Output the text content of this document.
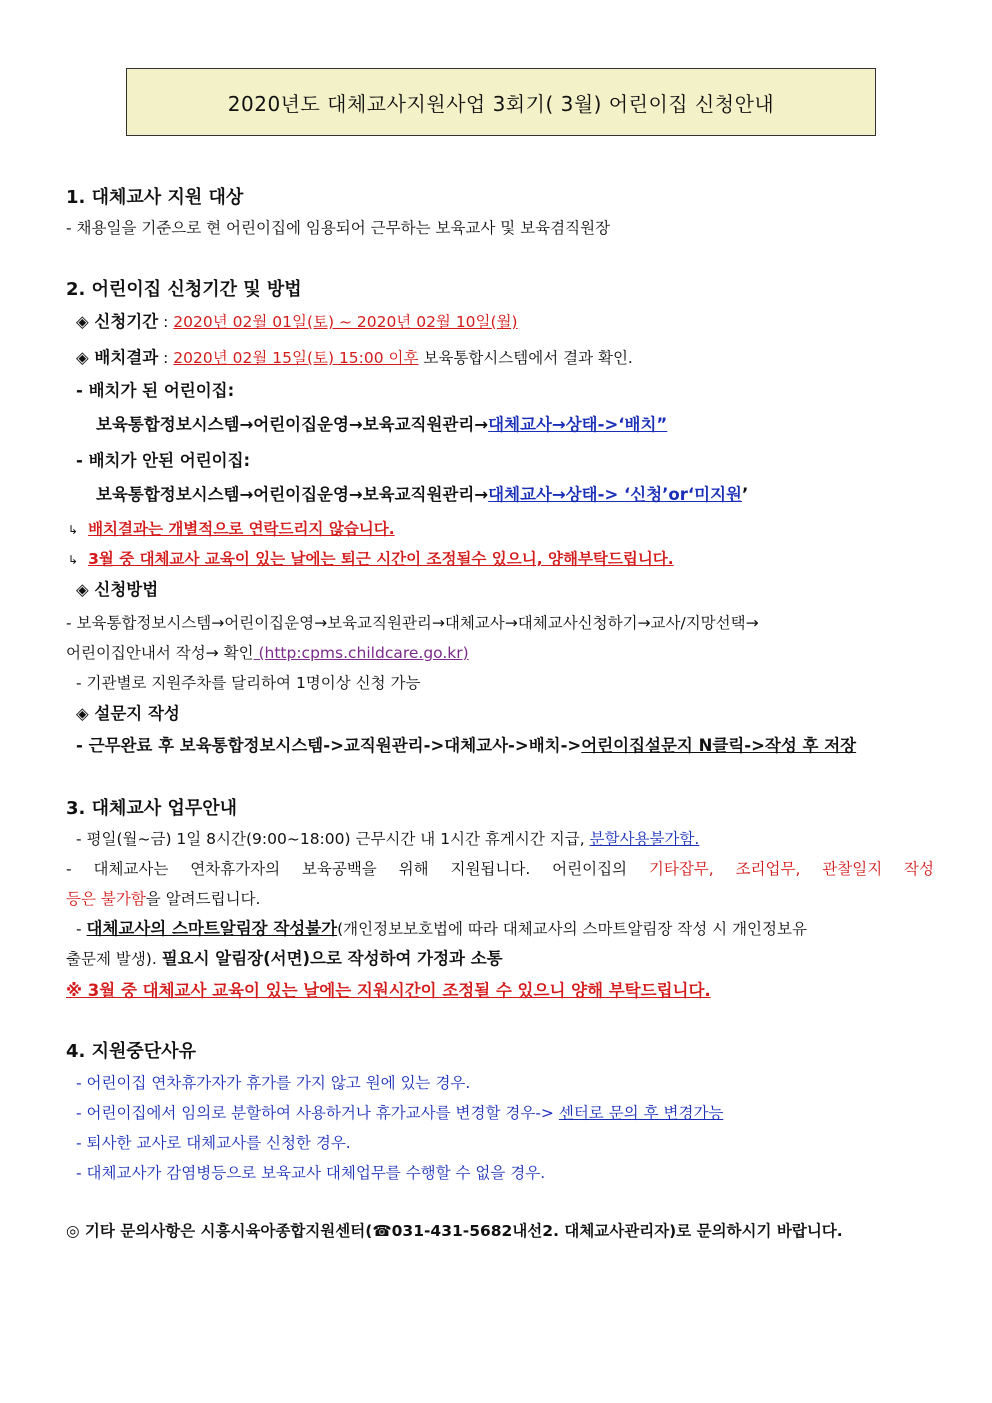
2020년도 대체교사지원사업 3회기( 3월) 어린이집 신청안내
1. 대체교사 지원 대상
- 채용일을 기준으로 현 어린이집에 임용되어 근무하는 보육교사 및 보육겸직원장
2. 어린이집 신청기간 및 방법
◈ 신청기간 : 2020년 02월 01일(토) ~ 2020년 02월 10일(월)
◈ 배치결과 : 2020년 02월 15일(토) 15:00 이후 보육통합시스템에서 결과 확인.
- 배치가 된 어린이집:
보육통합정보시스템→어린이집운영→보육교직원관리→대체교사→상태->‘배치”
- 배치가 안된 어린이집:
보육통합정보시스템→어린이집운영→보육교직원관리→대체교사→상태-> ‘신청’or‘미지원’
↳ 배치결과는 개별적으로 연락드리지 않습니다.
↳ 3월 중 대체교사 교육이 있는 날에는 퇴근 시간이 조정될수 있으니, 양해부탁드립니다.
◈ 신청방법
- 보육통합정보시스템→어린이집운영→보육교직원관리→대체교사→대체교사신청하기→교사/지망선택→
어린이집안내서 작성→ 확인 (http:cpms.childcare.go.kr)
- 기관별로 지원주차를 달리하여 1명이상 신청 가능
◈ 설문지 작성
- 근무완료 후 보육통합정보시스템->교직원관리->대체교사->배치->어린이집설문지 N클릭->작성 후 저장
3. 대체교사 업무안내
- 평일(월~금) 1일 8시간(9:00~18:00) 근무시간 내 1시간 휴게시간 지급, 분할사용불가함.
- 대체교사는 연차휴가자의 보육공백을 위해 지원됩니다. 어린이집의 기타잡무, 조리업무, 관찰일지 작성
등은 불가함을 알려드립니다.
- 대체교사의 스마트알림장 작성불가(개인정보보호법에 따라 대체교사의 스마트알림장 작성 시 개인정보유
출문제 발생). 필요시 알림장(서면)으로 작성하여 가정과 소통
※ 3월 중 대체교사 교육이 있는 날에는 지원시간이 조정될 수 있으니 양해 부탁드립니다.
4. 지원중단사유
- 어린이집 연차휴가자가 휴가를 가지 않고 원에 있는 경우.
- 어린이집에서 임의로 분할하여 사용하거나 휴가교사를 변경할 경우-> 센터로 문의 후 변경가능
- 퇴사한 교사로 대체교사를 신청한 경우.
- 대체교사가 감염병등으로 보육교사 대체업무를 수행할 수 없을 경우.
◎ 기타 문의사항은 시흥시육아종합지원센터(☎031-431-5682내선2. 대체교사관리자)로 문의하시기 바랍니다.
